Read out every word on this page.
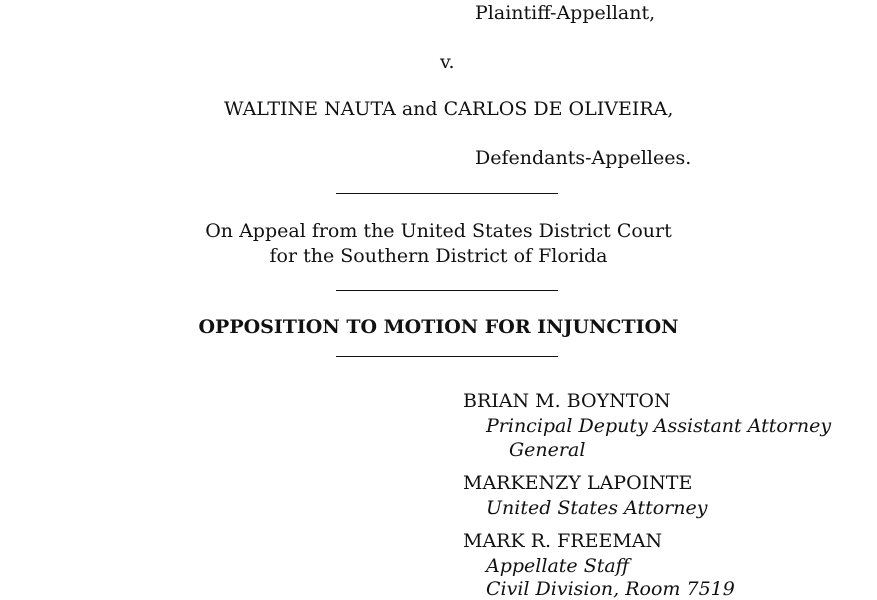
Plaintiff-Appellant,
v.
WALTINE NAUTA and CARLOS DE OLIVEIRA,
Defendants-Appellees.
On Appeal from the United States District Court
for the Southern District of Florida
OPPOSITION TO MOTION FOR INJUNCTION
BRIAN M. BOYNTON
Principal Deputy Assistant Attorney
General
MARKENZY LAPOINTE
United States Attorney
MARK R. FREEMAN
Appellate Staff
Civil Division, Room 7519
